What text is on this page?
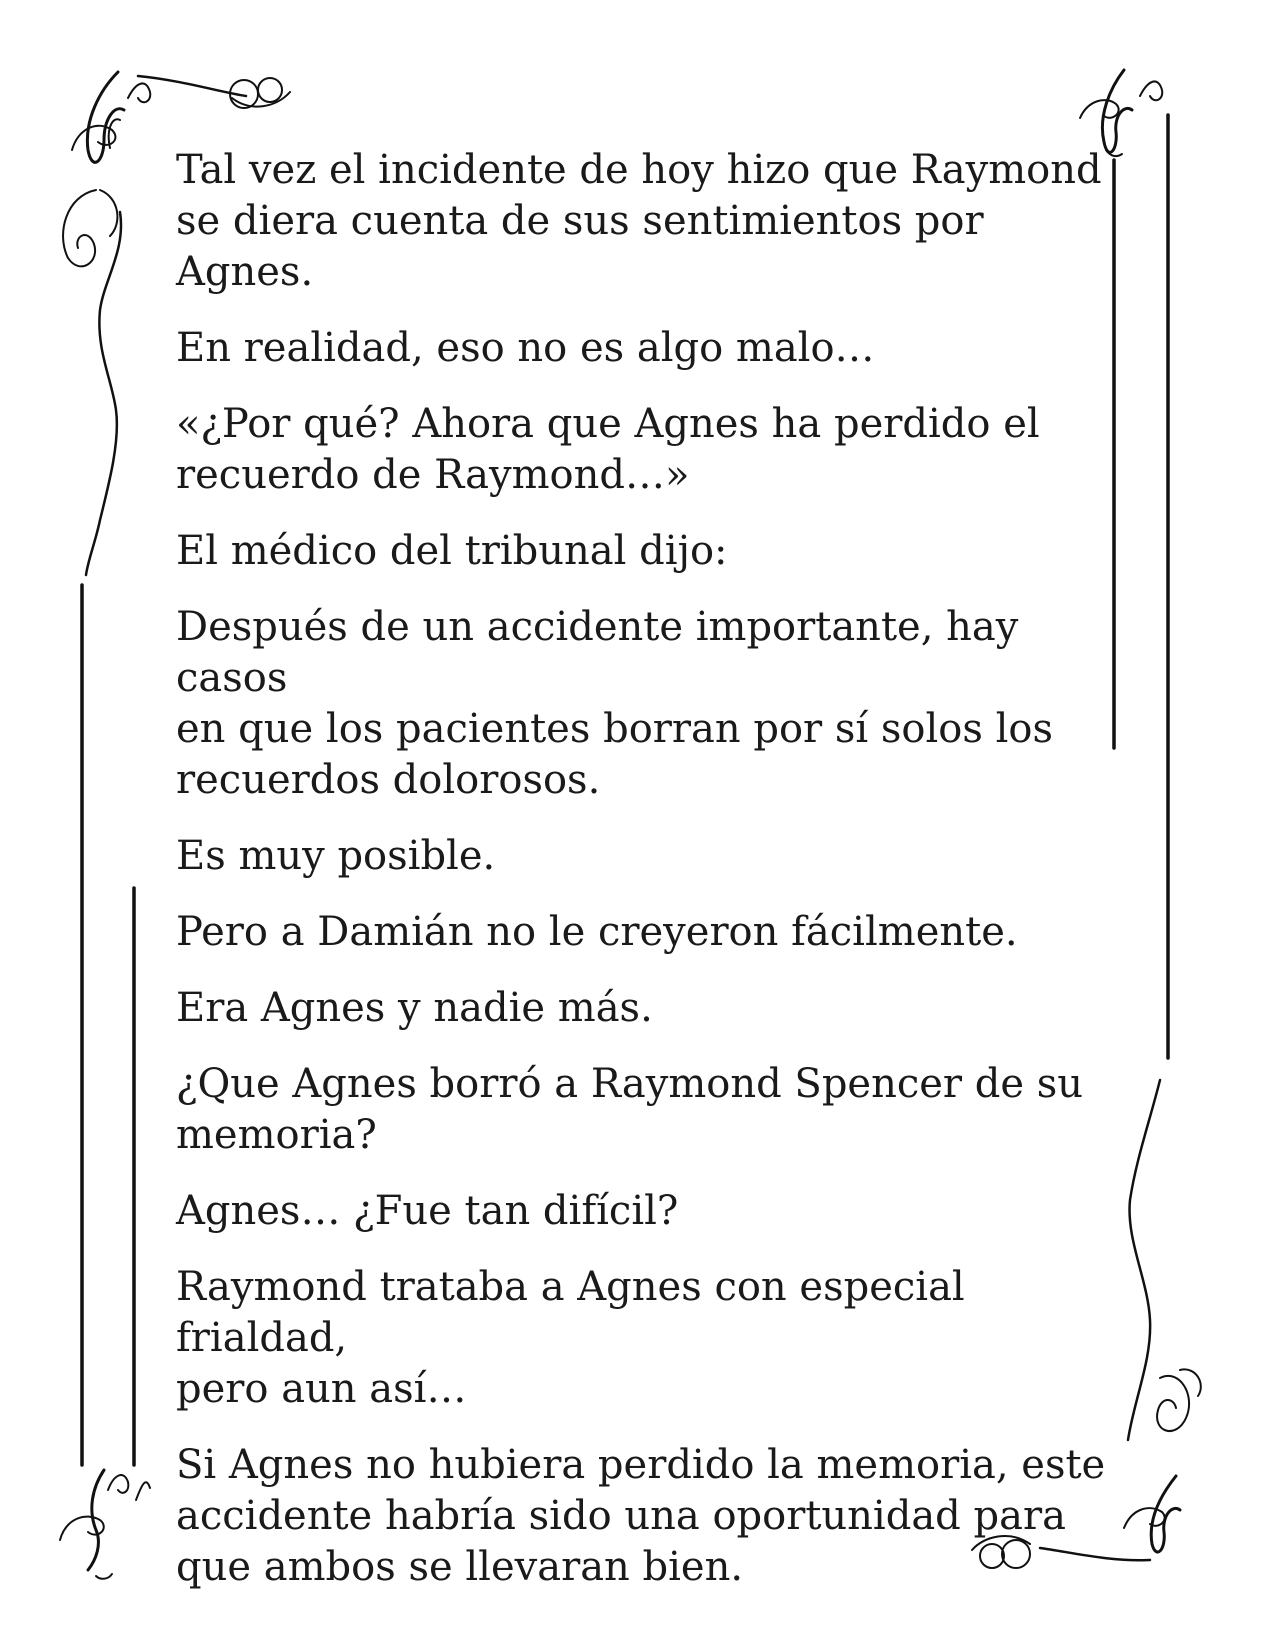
Tal vez el incidente de hoy hizo que Raymond
se diera cuenta de sus sentimientos por Agnes.

En realidad, eso no es algo malo…

«¿Por qué? Ahora que Agnes ha perdido el
recuerdo de Raymond…»

El médico del tribunal dijo:

Después de un accidente importante, hay casos
en que los pacientes borran por sí solos los
recuerdos dolorosos.

Es muy posible.

Pero a Damián no le creyeron fácilmente.

Era Agnes y nadie más.

¿Que Agnes borró a Raymond Spencer de su
memoria?

Agnes… ¿Fue tan difícil?

Raymond trataba a Agnes con especial frialdad,
pero aun así…

Si Agnes no hubiera perdido la memoria, este
accidente habría sido una oportunidad para
que ambos se llevaran bien.
